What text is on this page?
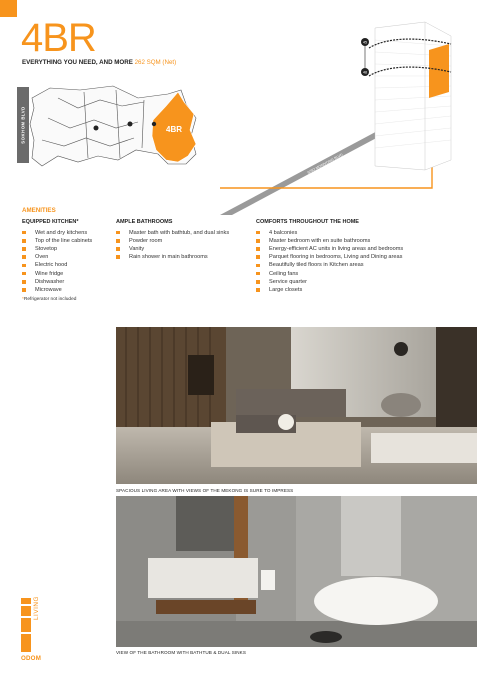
4BR
EVERYTHING YOU NEED, AND MORE 262 SQM (Net)
SOKHOM BLVD	4BR
SISO MONIVONG BLVD
45
48
AMENITIES
EQUIPPED KITCHEN*
Wet and dry kitchens
Top of the line cabinets
Stovetop
Oven
Electric hood
Wine fridge
Dishwasher
Microwave
AMPLE BATHROOMS
Master bath with bathtub, and dual sinks
Powder room
Vanity
Rain shower in main bathrooms
COMFORTS THROUGHOUT THE HOME
4 balconies
Master bedroom with en suite bathrooms
Energy-efficient AC units in living areas and bedrooms
Parquet flooring in bedrooms, Living and Dining areas
Beautifully tiled floors in Kitchen areas
Ceiling fans
Service quarter
Large closets
*Refrigerator not included
SPACIOUS LIVING AREA WITH VIEWS OF THE MEKONG IS SURE TO IMPRESS
VIEW OF THE BATHROOM WITH BATHTUB & DUAL SINKS
LIVING
ODOM
